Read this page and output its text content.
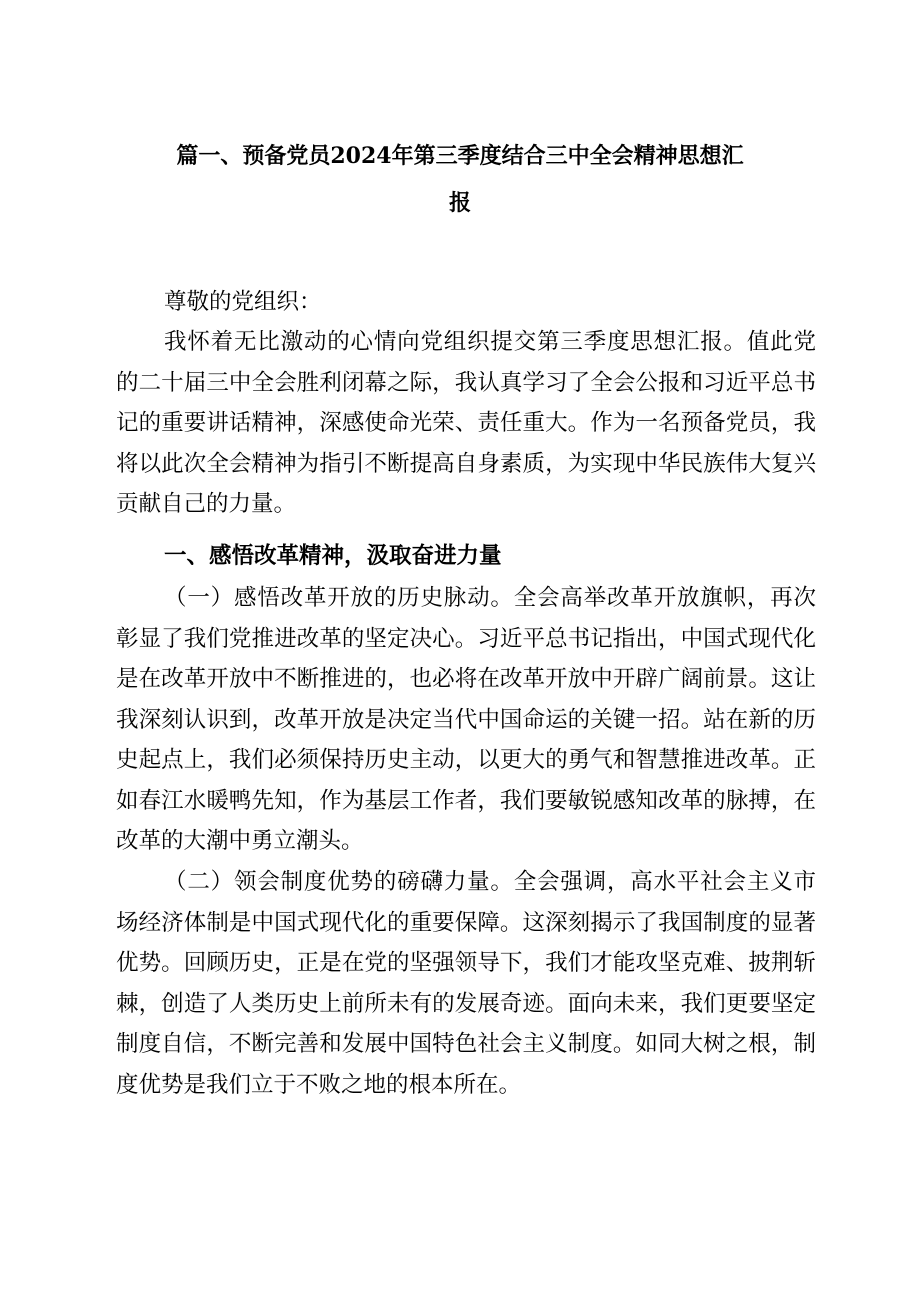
篇一、预备党员2024年第三季度结合三中全会精神思想汇
报
尊敬的党组织：
我怀着无比激动的心情向党组织提交第三季度思想汇报。值此党的二十届三中全会胜利闭幕之际，我认真学习了全会公报和习近平总书记的重要讲话精神，深感使命光荣、责任重大。作为一名预备党员，我将以此次全会精神为指引不断提高自身素质，为实现中华民族伟大复兴贡献自己的力量。
一、感悟改革精神，汲取奋进力量
（一）感悟改革开放的历史脉动。全会高举改革开放旗帜，再次彰显了我们党推进改革的坚定决心。习近平总书记指出，中国式现代化是在改革开放中不断推进的，也必将在改革开放中开辟广阔前景。这让我深刻认识到，改革开放是决定当代中国命运的关键一招。站在新的历史起点上，我们必须保持历史主动，以更大的勇气和智慧推进改革。正如春江水暖鸭先知，作为基层工作者，我们要敏锐感知改革的脉搏，在改革的大潮中勇立潮头。
（二）领会制度优势的磅礴力量。全会强调，高水平社会主义市场经济体制是中国式现代化的重要保障。这深刻揭示了我国制度的显著优势。回顾历史，正是在党的坚强领导下，我们才能攻坚克难、披荆斩棘，创造了人类历史上前所未有的发展奇迹。面向未来，我们更要坚定制度自信，不断完善和发展中国特色社会主义制度。如同大树之根，制度优势是我们立于不败之地的根本所在。
